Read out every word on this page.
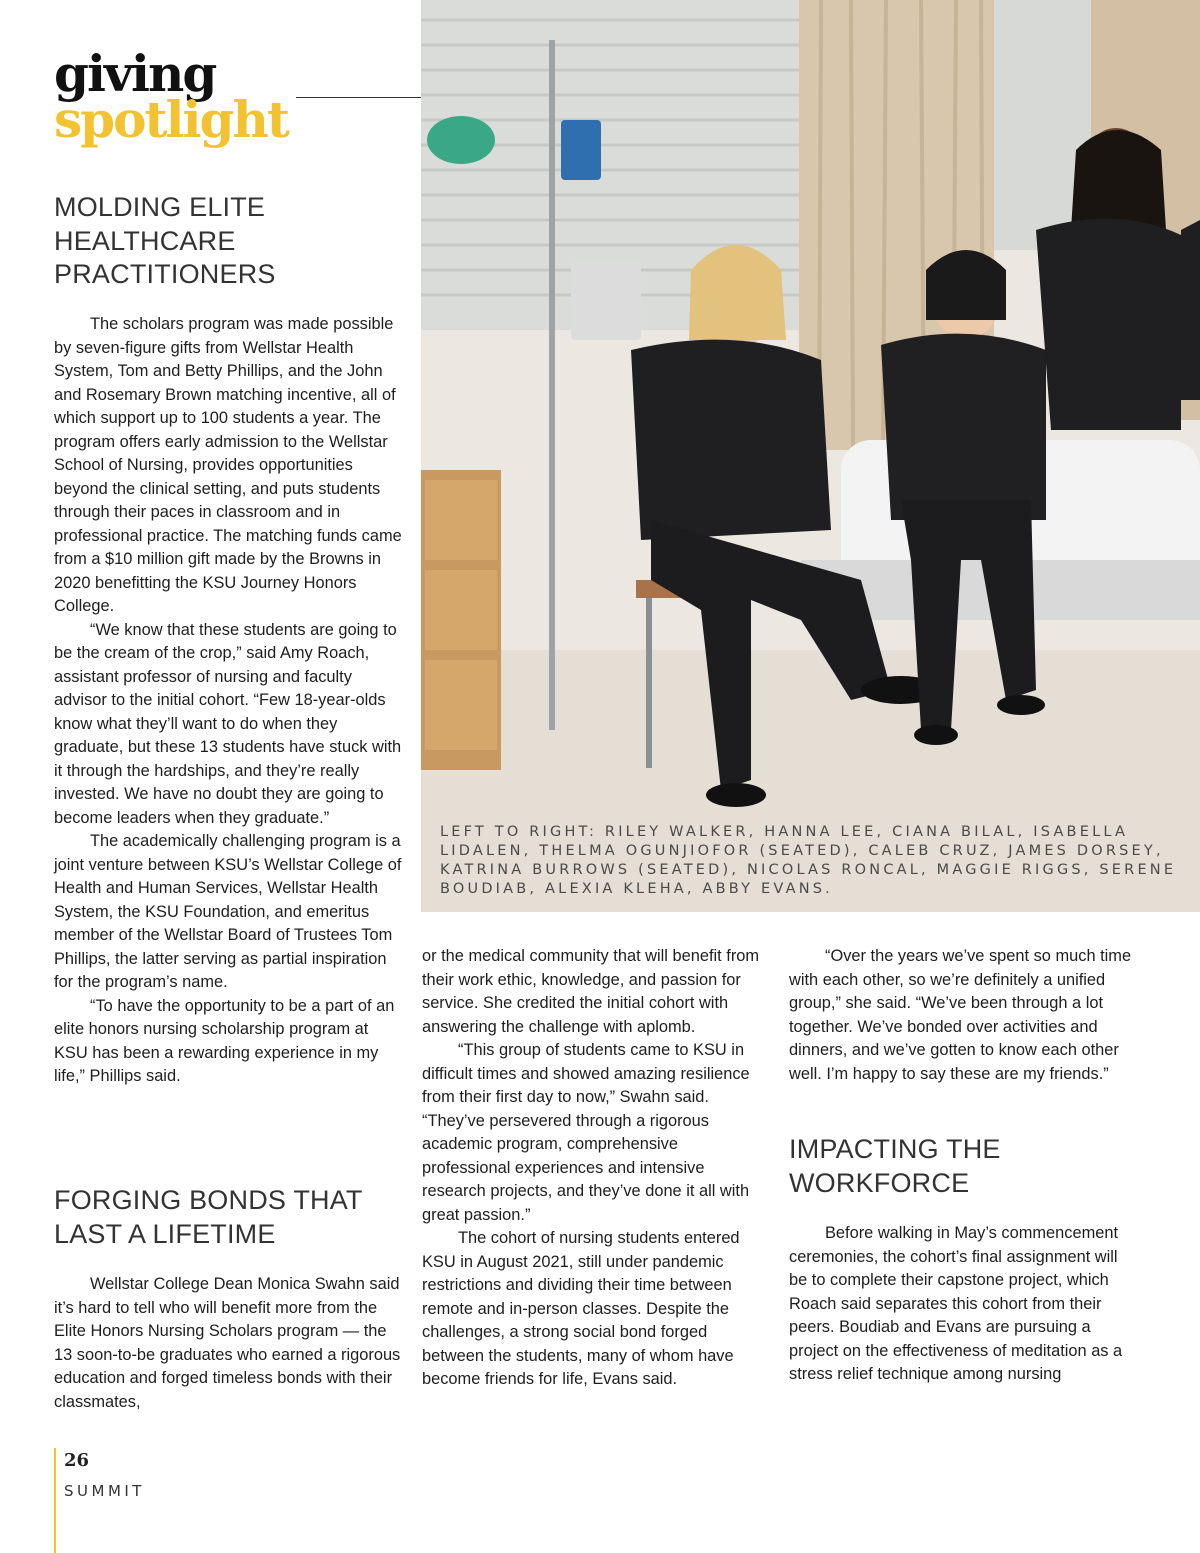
giving
spotlight
MOLDING ELITE HEALTHCARE PRACTITIONERS

The scholars program was made possible by seven-figure gifts from Wellstar Health System, Tom and Betty Phillips, and the John and Rosemary Brown matching incentive, all of which support up to 100 students a year. The program offers early admission to the Wellstar School of Nursing, provides opportunities beyond the clinical setting, and puts students through their paces in classroom and in professional practice. The matching funds came from a $10 million gift made by the Browns in 2020 benefitting the KSU Journey Honors College.

“We know that these students are going to be the cream of the crop,” said Amy Roach, assistant professor of nursing and faculty advisor to the initial cohort. “Few 18-year-olds know what they’ll want to do when they graduate, but these 13 students have stuck with it through the hardships, and they’re really invested. We have no doubt they are going to become leaders when they graduate.”

The academically challenging program is a joint venture between KSU’s Wellstar College of Health and Human Services, Wellstar Health System, the KSU Foundation, and emeritus member of the Wellstar Board of Trustees Tom Phillips, the latter serving as partial inspiration for the program’s name.

“To have the opportunity to be a part of an elite honors nursing scholarship program at KSU has been a rewarding experience in my life,” Phillips said.

FORGING BONDS THAT LAST A LIFETIME

Wellstar College Dean Monica Swahn said it’s hard to tell who will benefit more from the Elite Honors Nursing Scholars program — the 13 soon-to-be graduates who earned a rigorous education and forged timeless bonds with their classmates,

or the medical community that will benefit from their work ethic, knowledge, and passion for service. She credited the initial cohort with answering the challenge with aplomb.

“This group of students came to KSU in difficult times and showed amazing resilience from their first day to now,” Swahn said. “They’ve persevered through a rigorous academic program, comprehensive professional experiences and intensive research projects, and they’ve done it all with great passion.”

The cohort of nursing students entered KSU in August 2021, still under pandemic restrictions and dividing their time between remote and in-person classes. Despite the challenges, a strong social bond forged between the students, many of whom have become friends for life, Evans said.

“Over the years we’ve spent so much time with each other, so we’re definitely a unified group,” she said. “We’ve been through a lot together. We’ve bonded over activities and dinners, and we’ve gotten to know each other well. I’m happy to say these are my friends.”

IMPACTING THE WORKFORCE

Before walking in May’s commencement ceremonies, the cohort’s final assignment will be to complete their capstone project, which Roach said separates this cohort from their peers. Boudiab and Evans are pursuing a project on the effectiveness of meditation as a stress relief technique among nursing

LEFT TO RIGHT: RILEY WALKER, HANNA LEE, CIANA BILAL, ISABELLA LIDALEN, THELMA OGUNJIOFOR (SEATED), CALEB CRUZ, JAMES DORSEY, KATRINA BURROWS (SEATED), NICOLAS RONCAL, MAGGIE RIGGS, SERENE BOUDIAB, ALEXIA KLEHA, ABBY EVANS.
26
SUMMIT
